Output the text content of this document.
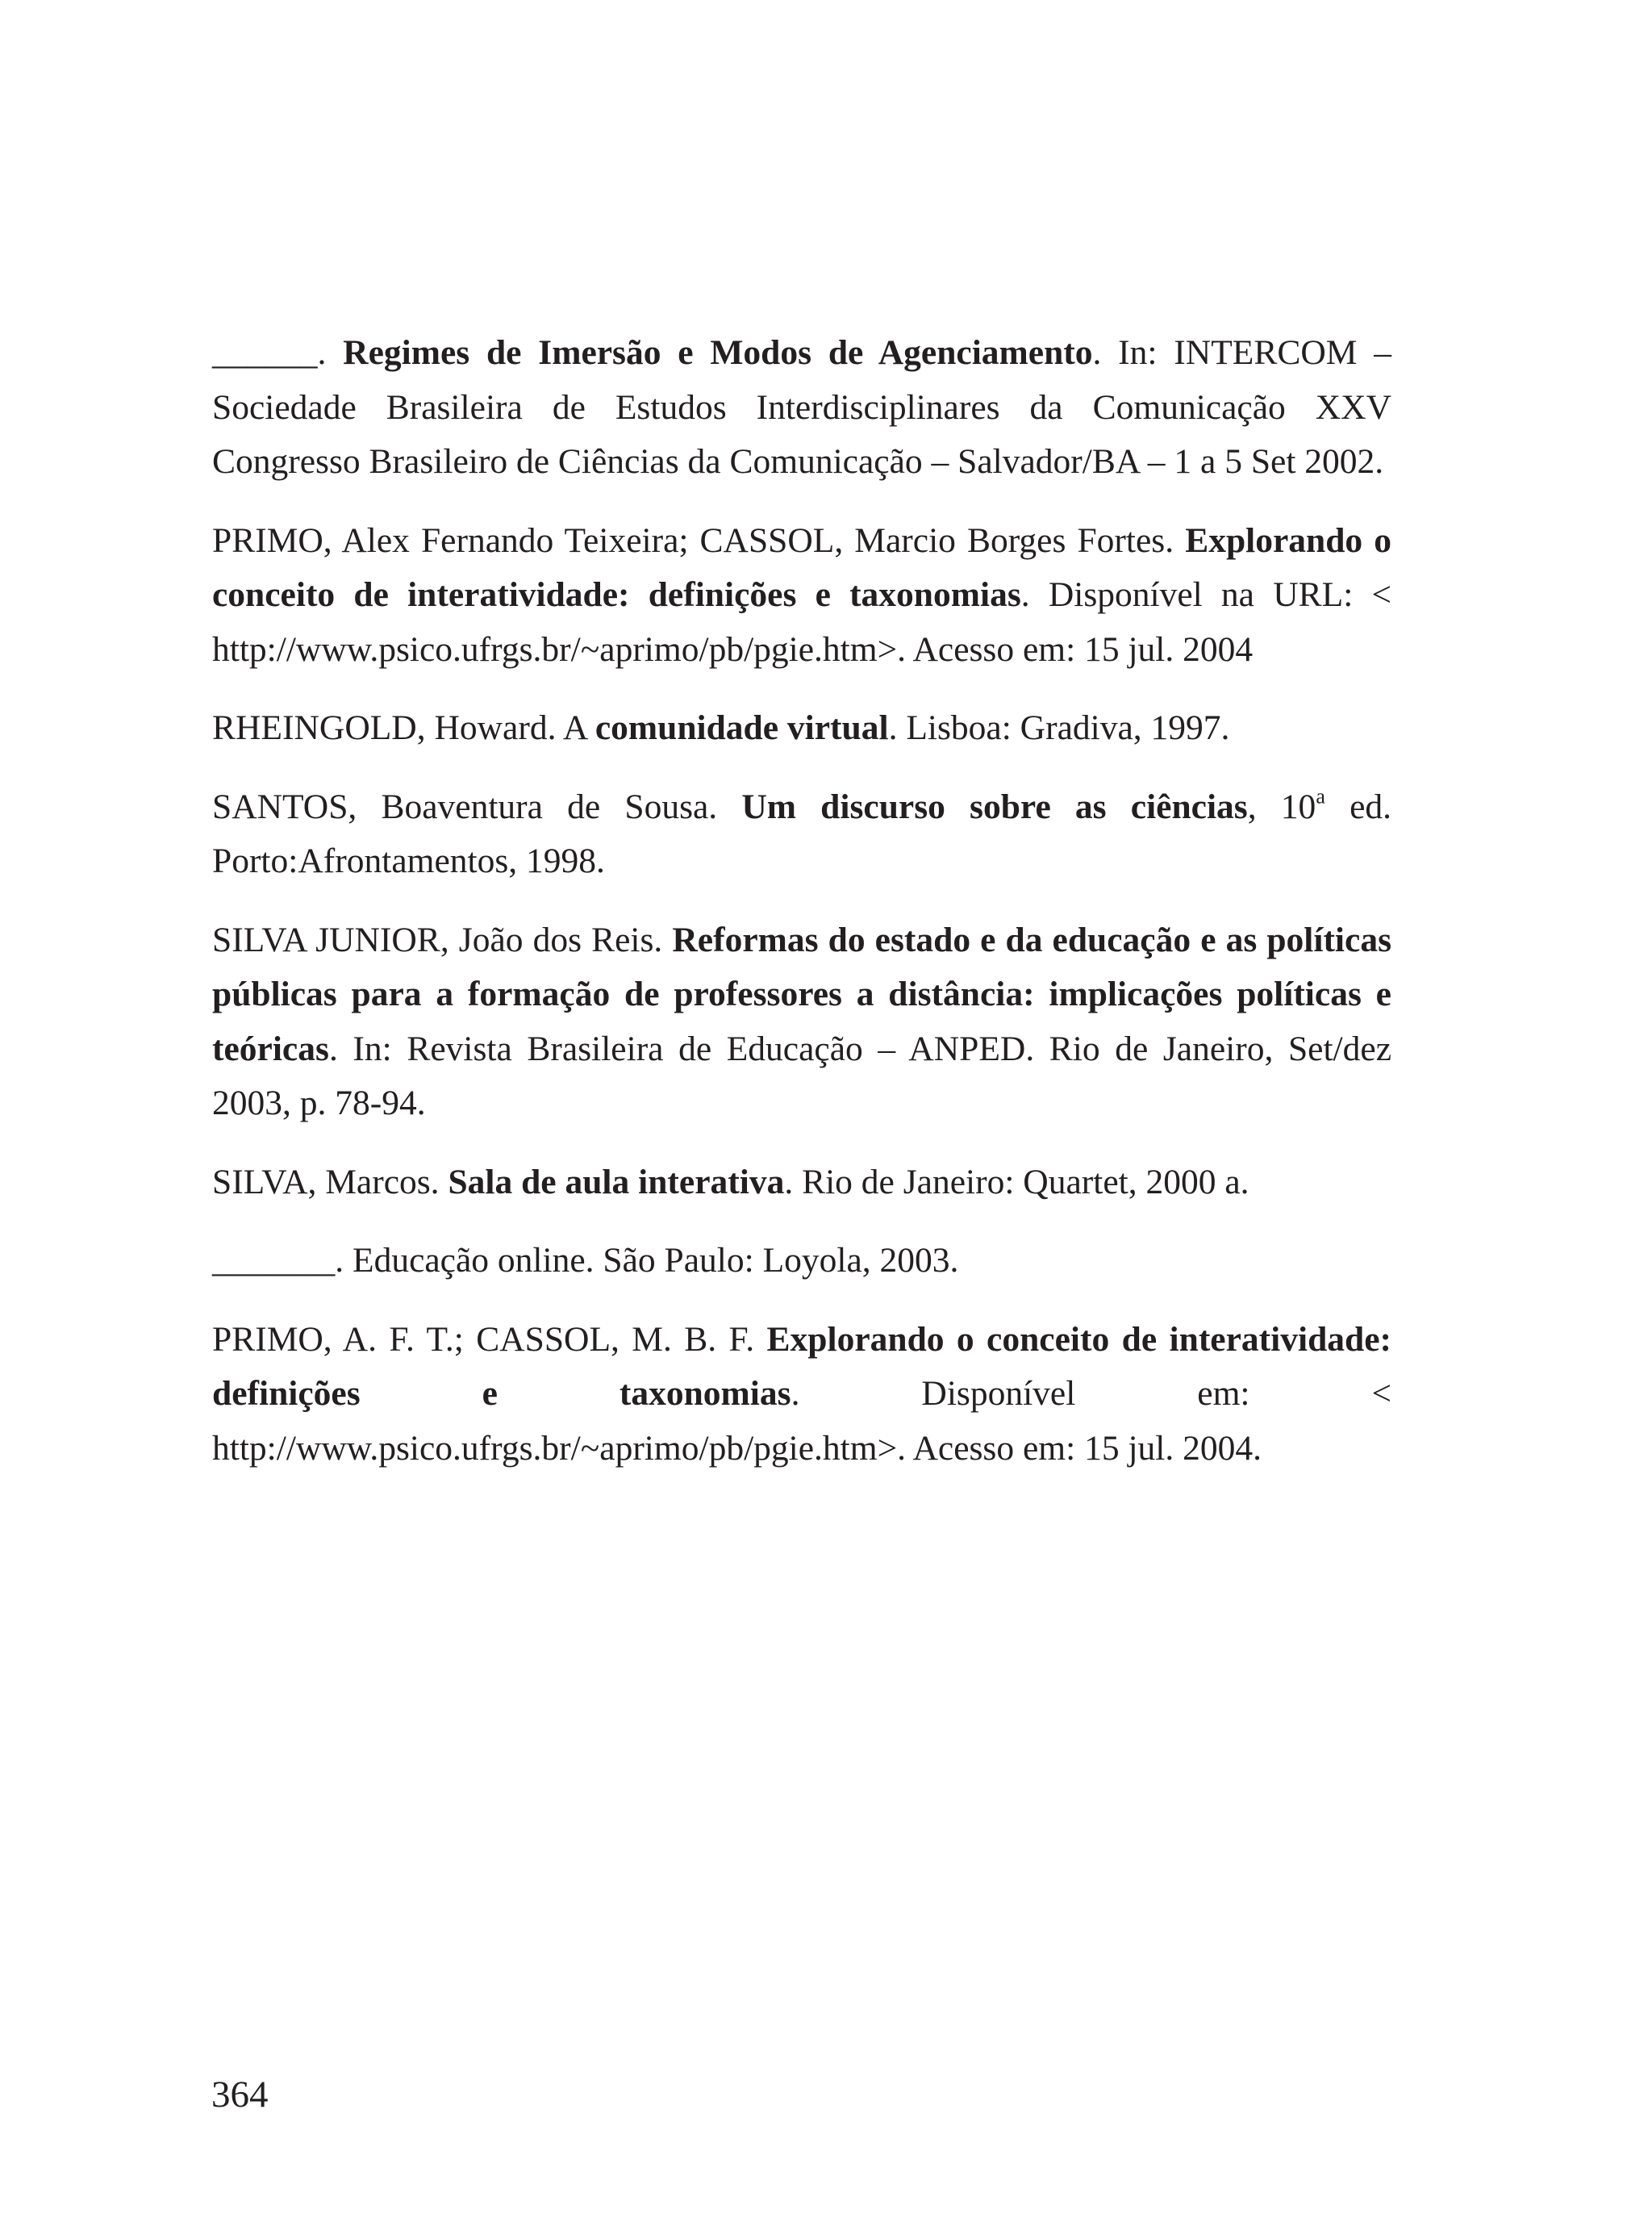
______. Regimes de Imersão e Modos de Agenciamento. In: INTERCOM – Sociedade Brasileira de Estudos Interdisciplinares da Comunicação XXV Congresso Brasileiro de Ciências da Comunicação – Salvador/BA – 1 a 5 Set 2002.

PRIMO, Alex Fernando Teixeira; CASSOL, Marcio Borges Fortes. Explorando o conceito de interatividade: definições e taxonomias. Disponível na URL: < http://www.psico.ufrgs.br/~aprimo/pb/pgie.htm>. Acesso em: 15 jul. 2004

RHEINGOLD, Howard. A comunidade virtual. Lisboa: Gradiva, 1997.

SANTOS, Boaventura de Sousa. Um discurso sobre as ciências, 10$^a$ ed. Porto:Afrontamentos, 1998.

SILVA JUNIOR, João dos Reis. Reformas do estado e da educação e as políticas públicas para a formação de professores a distância: implicações políticas e teóricas. In: Revista Brasileira de Educação – ANPED. Rio de Janeiro, Set/dez 2003, p. 78-94.

SILVA, Marcos. Sala de aula interativa. Rio de Janeiro: Quartet, 2000 a.

_______. Educação online. São Paulo: Loyola, 2003.

PRIMO, A. F. T.; CASSOL, M. B. F. Explorando o conceito de interatividade: definições e taxonomias. Disponível em: < http://www.psico.ufrgs.br/~aprimo/pb/pgie.htm>. Acesso em: 15 jul. 2004.

364
